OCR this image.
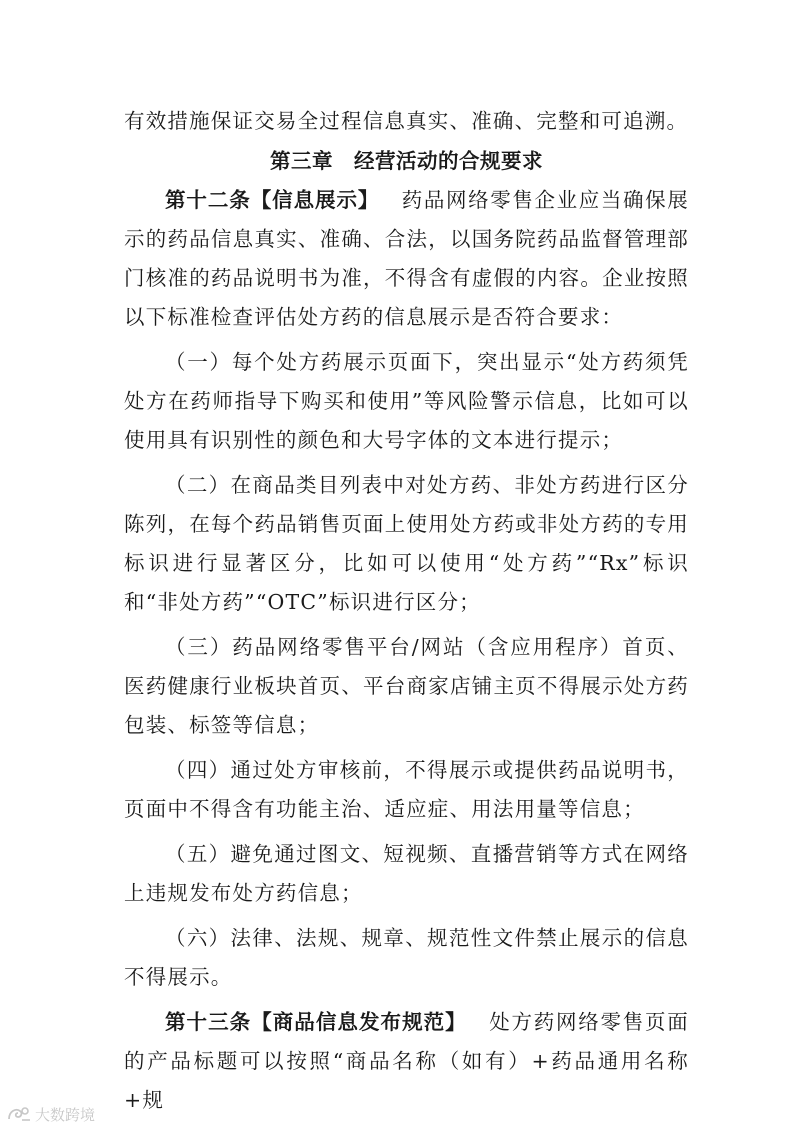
有效措施保证交易全过程信息真实、准确、完整和可追溯。

第三章　经营活动的合规要求

第十二条【信息展示】 药品网络零售企业应当确保展示的药品信息真实、准确、合法，以国务院药品监督管理部门核准的药品说明书为准，不得含有虚假的内容。企业按照以下标准检查评估处方药的信息展示是否符合要求：

（一）每个处方药展示页面下，突出显示“处方药须凭处方在药师指导下购买和使用”等风险警示信息，比如可以使用具有识别性的颜色和大号字体的文本进行提示；

（二）在商品类目列表中对处方药、非处方药进行区分陈列，在每个药品销售页面上使用处方药或非处方药的专用标识进行显著区分，比如可以使用“处方药”“Rx”标识和“非处方药”“OTC”标识进行区分；

（三）药品网络零售平台/网站（含应用程序）首页、医药健康行业板块首页、平台商家店铺主页不得展示处方药包装、标签等信息；

（四）通过处方审核前，不得展示或提供药品说明书，页面中不得含有功能主治、适应症、用法用量等信息；

（五）避免通过图文、短视频、直播营销等方式在网络上违规发布处方药信息；

（六）法律、法规、规章、规范性文件禁止展示的信息不得展示。

第十三条【商品信息发布规范】 处方药网络零售页面的产品标题可以按照“商品名称（如有）+药品通用名称+规

大数跨境
